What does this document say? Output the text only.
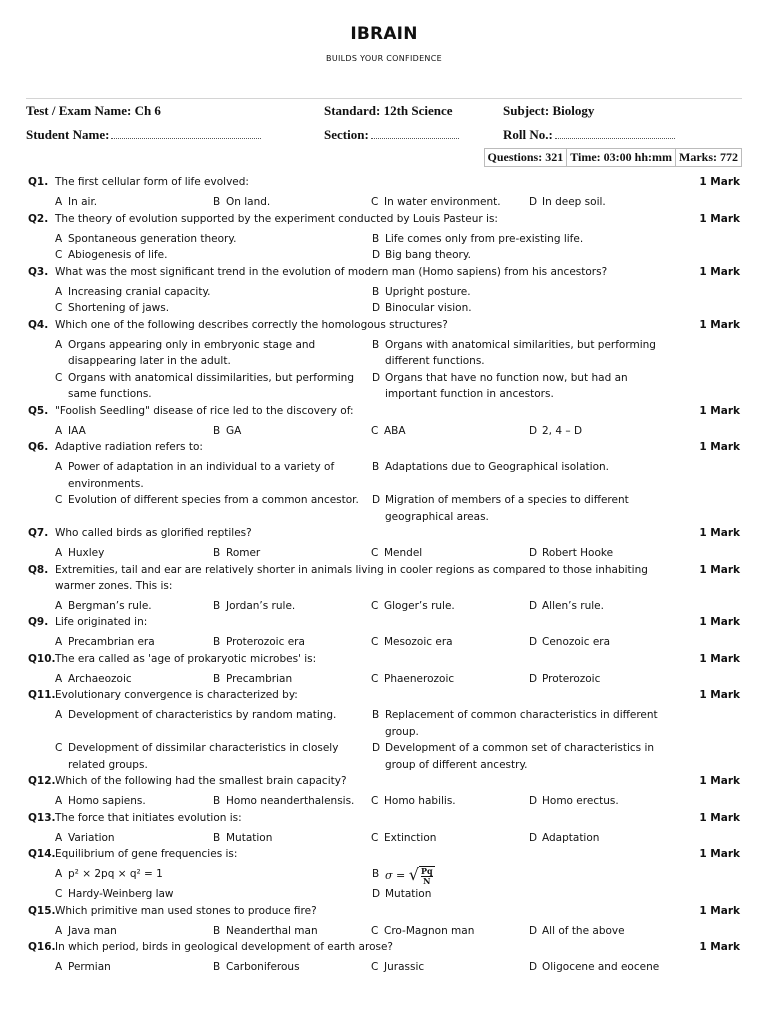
IBRAIN
BUILDS YOUR CONFIDENCE
Test / Exam Name: Ch 6	Standard: 12th Science	Subject: Biology
Student Name:	Section:	Roll No.:
Questions: 321 Time: 03:00 hh:mm Marks: 772
Q1. The first cellular form of life evolved:	1 Mark
A In air.	B On land.	C In water environment.	D In deep soil.
Q2. The theory of evolution supported by the experiment conducted by Louis Pasteur is:	1 Mark
A Spontaneous generation theory.	B Life comes only from pre-existing life.
C Abiogenesis of life.	D Big bang theory.
Q3. What was the most significant trend in the evolution of modern man (Homo sapiens) from his ancestors?	1 Mark
A Increasing cranial capacity.	B Upright posture.
C Shortening of jaws.	D Binocular vision.
Q4. Which one of the following describes correctly the homologous structures?	1 Mark
A Organs appearing only in embryonic stage and disappearing later in the adult.
B Organs with anatomical similarities, but performing different functions.
C Organs with anatomical dissimilarities, but performing same functions.
D Organs that have no function now, but had an important function in ancestors.
Q5. "Foolish Seedling" disease of rice led to the discovery of:	1 Mark
A IAA	B GA	C ABA	D 2, 4 – D
Q6. Adaptive radiation refers to:	1 Mark
A Power of adaptation in an individual to a variety of environments.
B Adaptations due to Geographical isolation.
C Evolution of different species from a common ancestor.	D Migration of members of a species to different geographical areas.
Q7. Who called birds as glorified reptiles?	1 Mark
A Huxley	B Romer	C Mendel	D Robert Hooke
Q8. Extremities, tail and ear are relatively shorter in animals living in cooler regions as compared to those inhabiting warmer zones. This is:
1 Mark
A Bergman’s rule.	B Jordan’s rule.	C Gloger’s rule.	D Allen’s rule.
Q9. Life originated in:	1 Mark
A Precambrian era	B Proterozoic era	C Mesozoic era	D Cenozoic era
Q10. The era called as 'age of prokaryotic microbes' is:	1 Mark
A Archaeozoic	B Precambrian	C Phaenerozoic	D Proterozoic
Q11. Evolutionary convergence is characterized by:	1 Mark
A Development of characteristics by random mating.	B Replacement of common characteristics in different group.
C Development of dissimilar characteristics in closely related groups.
D Development of a common set of characteristics in group of different ancestry.
Q12. Which of the following had the smallest brain capacity?	1 Mark
A Homo sapiens.	B Homo neanderthalensis.	C Homo habilis.	D Homo erectus.
Q13. The force that initiates evolution is:	1 Mark
A Variation	B Mutation	C Extinction	D Adaptation
Q14. Equilibrium of gene frequencies is:	1 Mark
A p² × 2pq × q² = 1	B σ =
√ Pq
N
C Hardy-Weinberg law	D Mutation
Q15. Which primitive man used stones to produce fire?	1 Mark
A Java man	B Neanderthal man	C Cro-Magnon man	D All of the above
Q16. In which period, birds in geological development of earth arose?	1 Mark
A Permian	B Carboniferous	C Jurassic	D Oligocene and eocene
